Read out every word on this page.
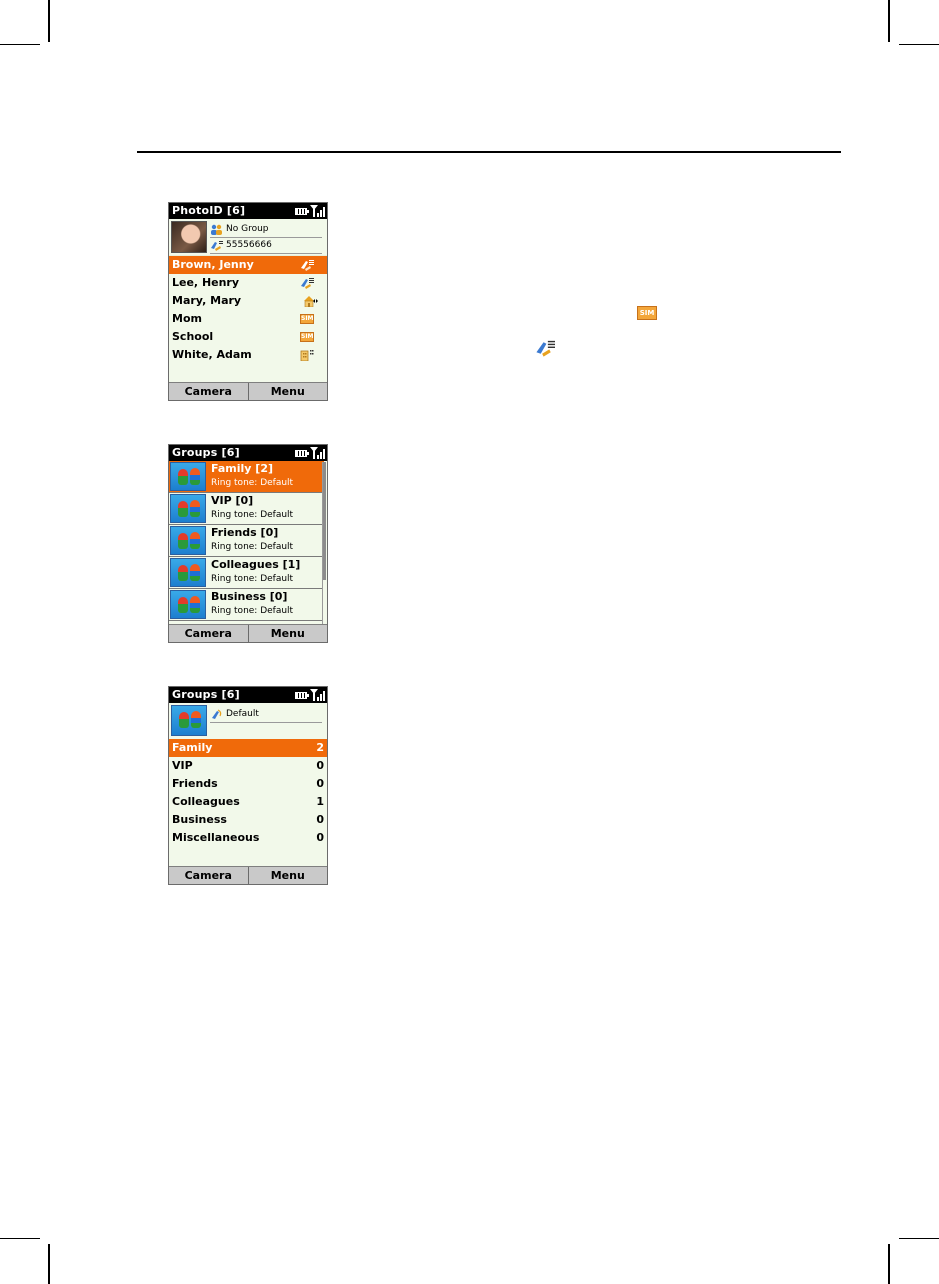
PhotoID [6]
No Group
55556666
Brown, Jenny
Lee, Henry
Mary, Mary
Mom	SIM
School	SIM
White, Adam
Camera	Menu
SIM
Groups [6]
Family [2]
Ring tone: Default
VIP [0]
Ring tone: Default
Friends [0]
Ring tone: Default
Colleagues [1]
Ring tone: Default
Business [0]
Ring tone: Default
Camera	Menu
Groups [6]
Default
Family	2
VIP	0
Friends	0
Colleagues	1
Business	0
Miscellaneous	0
Camera	Menu
